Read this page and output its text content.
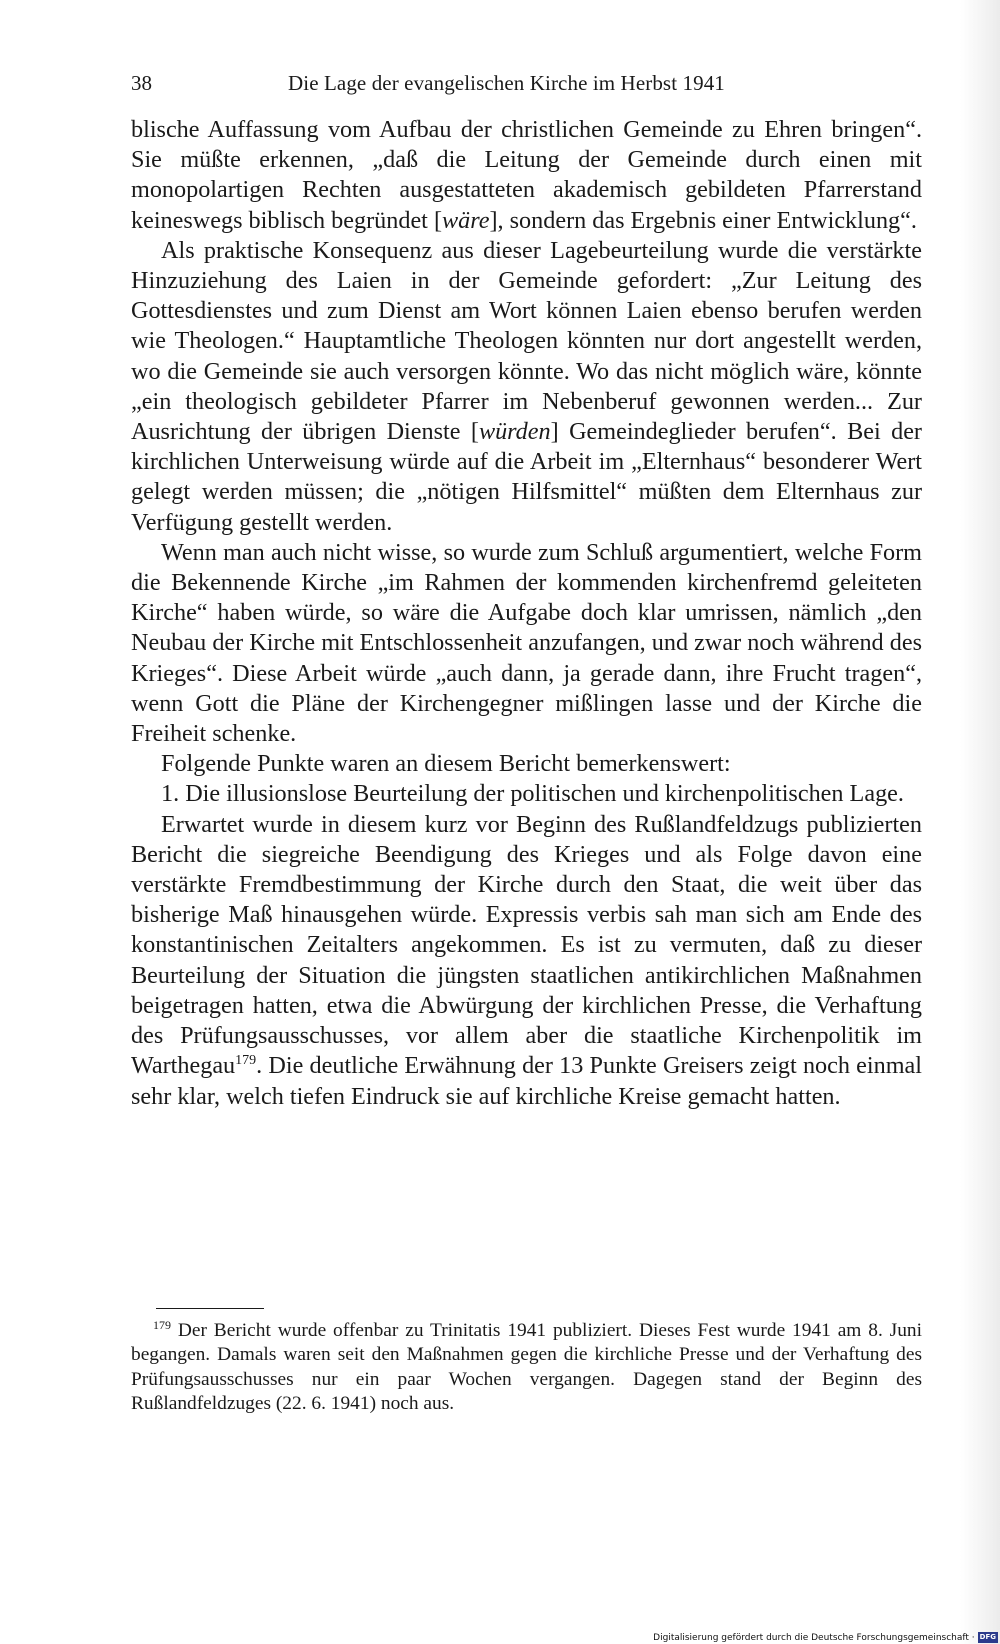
38	Die Lage der evangelischen Kirche im Herbst 1941

blische Auffassung vom Aufbau der christlichen Gemeinde zu Ehren bringen“. Sie müßte erkennen, „daß die Leitung der Gemeinde durch einen mit monopolartigen Rechten ausgestatteten akademisch gebildeten Pfarrerstand keineswegs biblisch begründet [wäre], sondern das Ergebnis einer Entwicklung“.

Als praktische Konsequenz aus dieser Lagebeurteilung wurde die verstärkte Hinzuziehung des Laien in der Gemeinde gefordert: „Zur Leitung des Gottesdienstes und zum Dienst am Wort können Laien ebenso berufen werden wie Theologen.“ Hauptamtliche Theologen könnten nur dort angestellt werden, wo die Gemeinde sie auch versorgen könnte. Wo das nicht möglich wäre, könnte „ein theologisch gebildeter Pfarrer im Nebenberuf gewonnen werden... Zur Ausrichtung der übrigen Dienste [würden] Gemeindeglieder berufen“. Bei der kirchlichen Unterweisung würde auf die Arbeit im „Elternhaus“ besonderer Wert gelegt werden müssen; die „nötigen Hilfsmittel“ müßten dem Elternhaus zur Verfügung gestellt werden.

Wenn man auch nicht wisse, so wurde zum Schluß argumentiert, welche Form die Bekennende Kirche „im Rahmen der kommenden kirchenfremd geleiteten Kirche“ haben würde, so wäre die Aufgabe doch klar umrissen, nämlich „den Neubau der Kirche mit Entschlossenheit anzufangen, und zwar noch während des Krieges“. Diese Arbeit würde „auch dann, ja gerade dann, ihre Frucht tragen“, wenn Gott die Pläne der Kirchengegner mißlingen lasse und der Kirche die Freiheit schenke.

Folgende Punkte waren an diesem Bericht bemerkenswert:

1. Die illusionslose Beurteilung der politischen und kirchenpolitischen Lage.

Erwartet wurde in diesem kurz vor Beginn des Rußlandfeldzugs publizierten Bericht die siegreiche Beendigung des Krieges und als Folge davon eine verstärkte Fremdbestimmung der Kirche durch den Staat, die weit über das bisherige Maß hinausgehen würde. Expressis verbis sah man sich am Ende des konstantinischen Zeitalters angekommen. Es ist zu vermuten, daß zu dieser Beurteilung der Situation die jüngsten staatlichen antikirchlichen Maßnahmen beigetragen hatten, etwa die Abwürgung der kirchlichen Presse, die Verhaftung des Prüfungsausschusses, vor allem aber die staatliche Kirchenpolitik im Warthegau$^{179}$. Die deutliche Erwähnung der 13 Punkte Greisers zeigt noch einmal sehr klar, welch tiefen Eindruck sie auf kirchliche Kreise gemacht hatten.

$^{179}$ Der Bericht wurde offenbar zu Trinitatis 1941 publiziert. Dieses Fest wurde 1941 am 8. Juni begangen. Damals waren seit den Maßnahmen gegen die kirchliche Presse und der Verhaftung des Prüfungsausschusses nur ein paar Wochen vergangen. Dagegen stand der Beginn des Rußlandfeldzuges (22. 6. 1941) noch aus.

Digitalisierung gefördert durch die Deutsche Forschungsgemeinschaft · DFG
